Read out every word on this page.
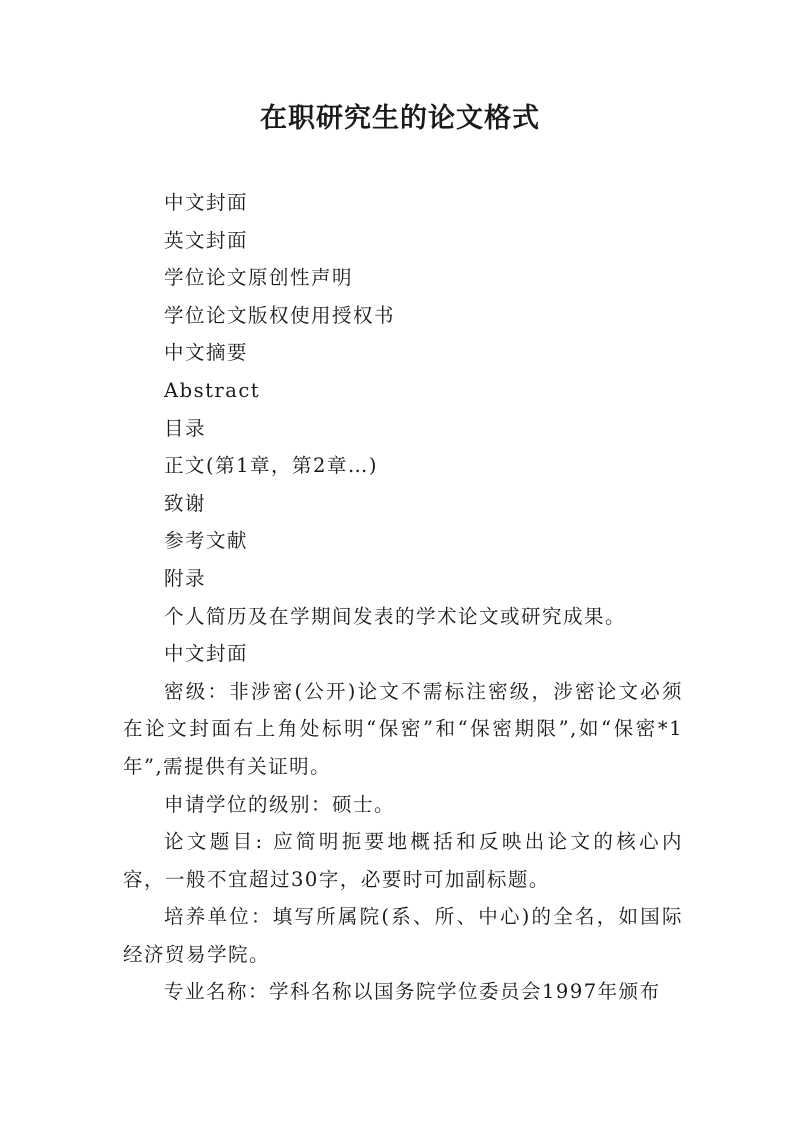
在职研究生的论文格式

中文封面

英文封面

学位论文原创性声明

学位论文版权使用授权书

中文摘要

Abstract

目录

正文(第1章，第2章…)

致谢

参考文献

附录

个人简历及在学期间发表的学术论文或研究成果。

中文封面

密级：非涉密(公开)论文不需标注密级，涉密论文必须在论文封面右上角处标明“保密”和“保密期限”,如“保密*1年”,需提供有关证明。

申请学位的级别：硕士。

论文题目: 应简明扼要地概括和反映出论文的核心内容，一般不宜超过30字，必要时可加副标题。

培养单位：填写所属院(系、所、中心)的全名，如国际经济贸易学院。

专业名称：学科名称以国务院学位委员会1997年颁布
